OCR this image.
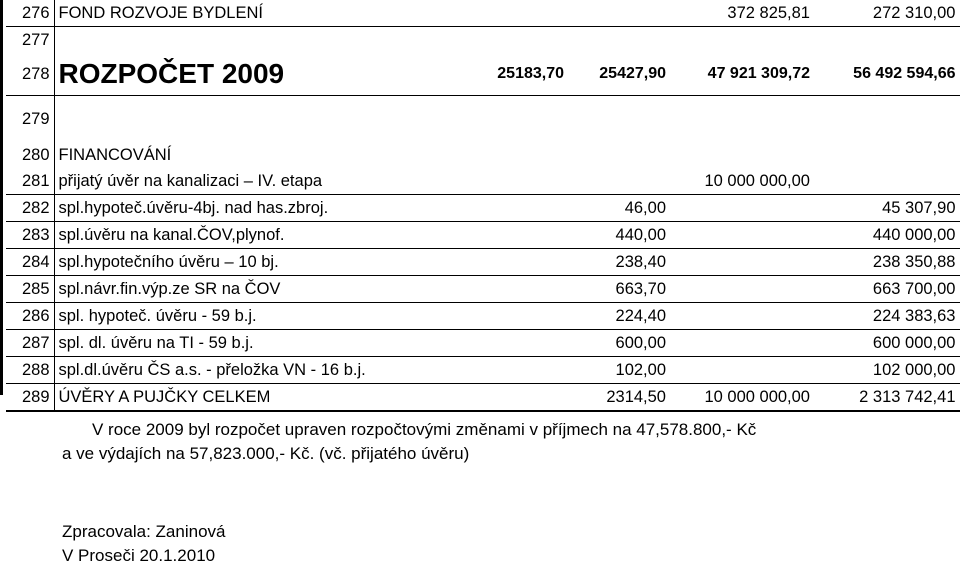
276	FOND ROZVOJE BYDLENÍ			372 825,81	272 310,00
277					
278	ROZPOČET 2009	25183,70	25427,90	47 921 309,72	56 492 594,66
279					
280	FINANCOVÁNÍ				
281	přijatý úvěr na kanalizaci – IV. etapa			10 000 000,00	
282	spl.hypoteč.úvěru-4bj. nad has.zbroj.		46,00		45 307,90
283	spl.úvěru na kanal.ČOV,plynof.		440,00		440 000,00
284	spl.hypotečního úvěru – 10 bj.		238,40		238 350,88
285	spl.návr.fin.výp.ze SR na ČOV		663,70		663 700,00
286	spl. hypoteč. úvěru - 59 b.j.		224,40		224 383,63
287	spl. dl. úvěru na TI - 59 b.j.		600,00		600 000,00
288	spl.dl.úvěru ČS a.s. - přeložka VN - 16 b.j.		102,00		102 000,00
289	ÚVĚRY A PUJČKY CELKEM		2314,50	10 000 000,00	2 313 742,41
V roce 2009 byl rozpočet upraven rozpočtovými změnami v příjmech na 47,578.800,- Kč
a ve výdajích na 57,823.000,- Kč. (vč. přijatého úvěru)
Zpracovala: Zaninová
V Proseči 20.1.2010
